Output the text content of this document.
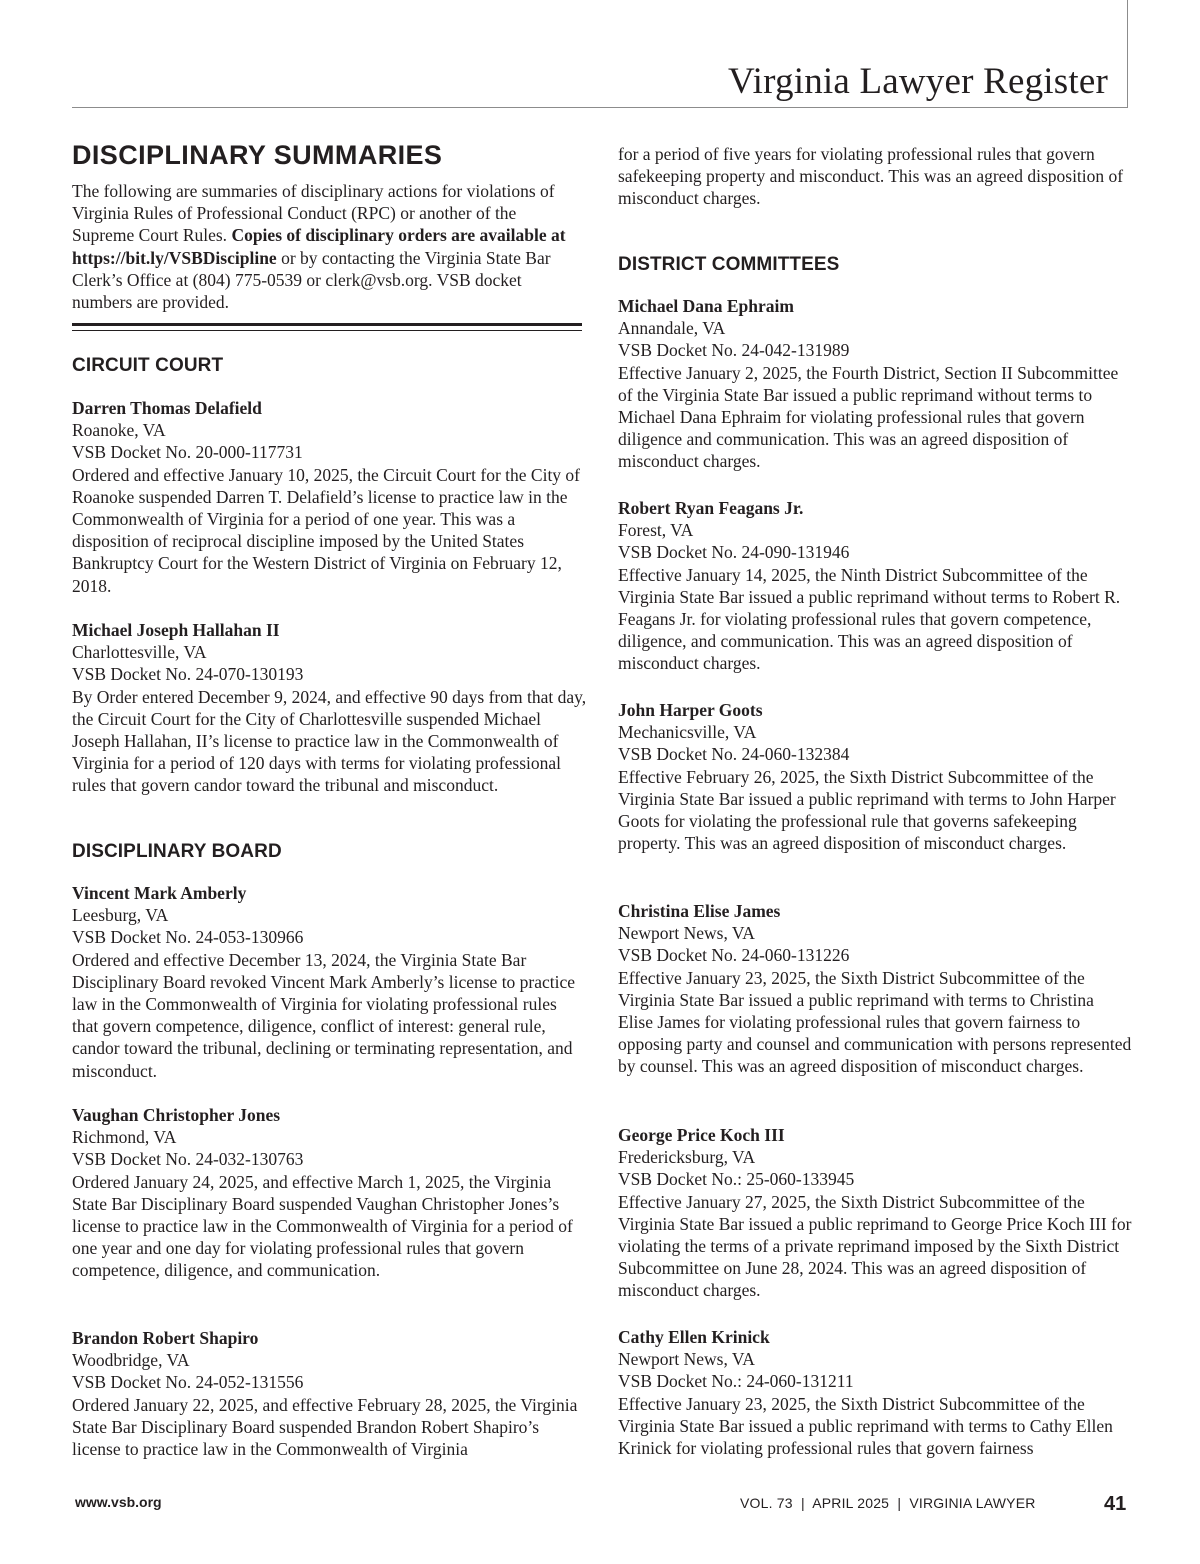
Virginia Lawyer Register
DISCIPLINARY SUMMARIES

The following are summaries of disciplinary actions for violations of Virginia Rules of Professional Conduct (RPC) or another of the Supreme Court Rules. Copies of disciplinary orders are available at https://bit.ly/VSBDiscipline or by contacting the Virginia State Bar Clerk’s Office at (804) 775-0539 or clerk@vsb.org. VSB docket numbers are provided.

CIRCUIT COURT

Darren Thomas Delafield

Roanoke, VA

VSB Docket No. 20-000-117731

Ordered and effective January 10, 2025, the Circuit Court for the City of Roanoke suspended Darren T. Delafield’s license to practice law in the Commonwealth of Virginia for a period of one year. This was a disposition of reciprocal discipline imposed by the United States Bankruptcy Court for the Western District of Virginia on February 12, 2018.

Michael Joseph Hallahan II

Charlottesville, VA

VSB Docket No. 24-070-130193

By Order entered December 9, 2024, and effective 90 days from that day, the Circuit Court for the City of Charlottesville suspended Michael Joseph Hallahan, II’s license to practice law in the Commonwealth of Virginia for a period of 120 days with terms for violating professional rules that govern candor toward the tribunal and misconduct.

DISCIPLINARY BOARD

Vincent Mark Amberly

Leesburg, VA

VSB Docket No. 24-053-130966

Ordered and effective December 13, 2024, the Virginia State Bar Disciplinary Board revoked Vincent Mark Amberly’s license to practice law in the Commonwealth of Virginia for violating professional rules that govern competence, diligence, conflict of interest: general rule, candor toward the tribunal, declining or terminating representation, and misconduct.

Vaughan Christopher Jones

Richmond, VA

VSB Docket No. 24-032-130763

Ordered January 24, 2025, and effective March 1, 2025, the Virginia State Bar Disciplinary Board suspended Vaughan Christopher Jones’s license to practice law in the Commonwealth of Virginia for a period of one year and one day for violating professional rules that govern competence, diligence, and communication.

Brandon Robert Shapiro

Woodbridge, VA

VSB Docket No. 24-052-131556

Ordered January 22, 2025, and effective February 28, 2025, the Virginia State Bar Disciplinary Board suspended Brandon Robert Shapiro’s license to practice law in the Commonwealth of Virginia

for a period of five years for violating professional rules that govern safekeeping property and misconduct. This was an agreed disposition of misconduct charges.

DISTRICT COMMITTEES

Michael Dana Ephraim

Annandale, VA

VSB Docket No. 24-042-131989

Effective January 2, 2025, the Fourth District, Section II Subcommittee of the Virginia State Bar issued a public reprimand without terms to Michael Dana Ephraim for violating professional rules that govern diligence and communication. This was an agreed disposition of misconduct charges.

Robert Ryan Feagans Jr.

Forest, VA

VSB Docket No. 24-090-131946

Effective January 14, 2025, the Ninth District Subcommittee of the Virginia State Bar issued a public reprimand without terms to Robert R. Feagans Jr. for violating professional rules that govern competence, diligence, and communication. This was an agreed disposition of misconduct charges.

John Harper Goots

Mechanicsville, VA

VSB Docket No. 24-060-132384

Effective February 26, 2025, the Sixth District Subcommittee of the Virginia State Bar issued a public reprimand with terms to John Harper Goots for violating the professional rule that governs safekeeping property. This was an agreed disposition of misconduct charges.

Christina Elise James

Newport News, VA

VSB Docket No. 24-060-131226

Effective January 23, 2025, the Sixth District Subcommittee of the Virginia State Bar issued a public reprimand with terms to Christina Elise James for violating professional rules that govern fairness to opposing party and counsel and communication with persons represented by counsel. This was an agreed disposition of misconduct charges.

George Price Koch III

Fredericksburg, VA

VSB Docket No.: 25-060-133945

Effective January 27, 2025, the Sixth District Subcommittee of the Virginia State Bar issued a public reprimand to George Price Koch III for violating the terms of a private reprimand imposed by the Sixth District Subcommittee on June 28, 2024. This was an agreed disposition of misconduct charges.

Cathy Ellen Krinick

Newport News, VA

VSB Docket No.: 24-060-131211

Effective January 23, 2025, the Sixth District Subcommittee of the Virginia State Bar issued a public reprimand with terms to Cathy Ellen Krinick for violating professional rules that govern fairness

www.vsb.org	VOL. 73  |  APRIL 2025  |  VIRGINIA LAWYER	41
